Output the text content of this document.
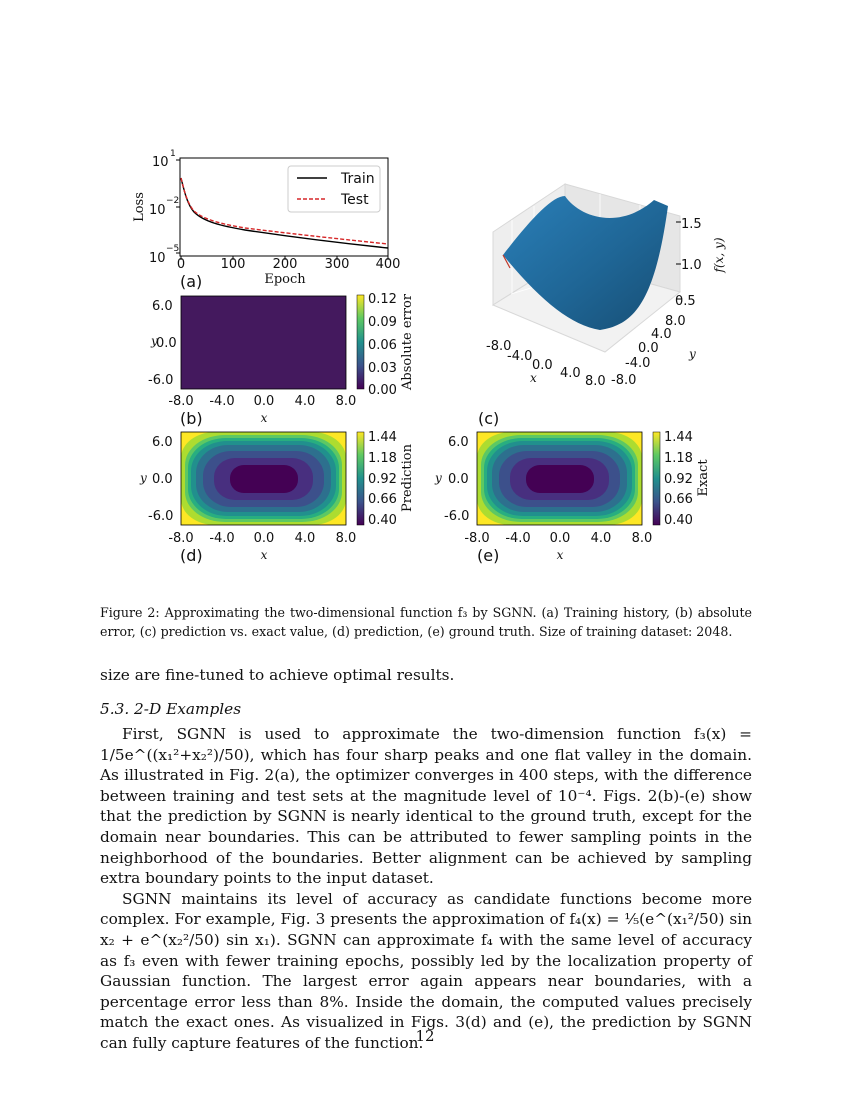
Loss
10
1
10
−2
10
−5
0	100 200 300 400
Epoch
Train
Test
(a)
y
6.0
0.0
-6.0
-8.0 -4.0 0.0 4.0 8.0
x
0.12
0.09
0.06
0.03
0.00
Absolute error
(b)
-8.0
-4.0
0.0
4.0
8.0
x	-8.0
-4.0
0.0
4.0
8.0
y
1.5
1.0
0.5
f(x, y)
(c)
y
6.0
0.0
-6.0
-8.0 -4.0 0.0 4.0 8.0
x
1.44
1.18
0.92
0.66
0.40
Prediction
(d)
y
6.0
0.0
-6.0
-8.0 -4.0 0.0 4.0 8.0
x
1.44
1.18
0.92
0.66
0.40
Exact
(e)
Figure 2: Approximating the two-dimensional function f₃ by SGNN. (a) Training history, (b) absolute error, (c) prediction vs. exact value, (d) prediction, (e) ground truth. Size of training dataset: 2048.

size are fine-tuned to achieve optimal results.

5.3. 2-D Examples

First, SGNN is used to approximate the two-dimension function f₃(x) = 1/5e^((x₁²+x₂²)/50), which has four sharp peaks and one flat valley in the domain. As illustrated in Fig. 2(a), the optimizer converges in 400 steps, with the difference between training and test sets at the magnitude level of 10⁻⁴. Figs. 2(b)-(e) show that the prediction by SGNN is nearly identical to the ground truth, except for the domain near boundaries. This can be attributed to fewer sampling points in the neighborhood of the boundaries. Better alignment can be achieved by sampling extra boundary points to the input dataset.

SGNN maintains its level of accuracy as candidate functions become more complex. For example, Fig. 3 presents the approximation of f₄(x) = ⅕(e^(x₁²/50) sin x₂ + e^(x₂²/50) sin x₁). SGNN can approximate f₄ with the same level of accuracy as f₃ even with fewer training epochs, possibly led by the localization property of Gaussian function. The largest error again appears near boundaries, with a percentage error less than 8%. Inside the domain, the computed values precisely match the exact ones. As visualized in Figs. 3(d) and (e), the prediction by SGNN can fully capture features of the function.

12
